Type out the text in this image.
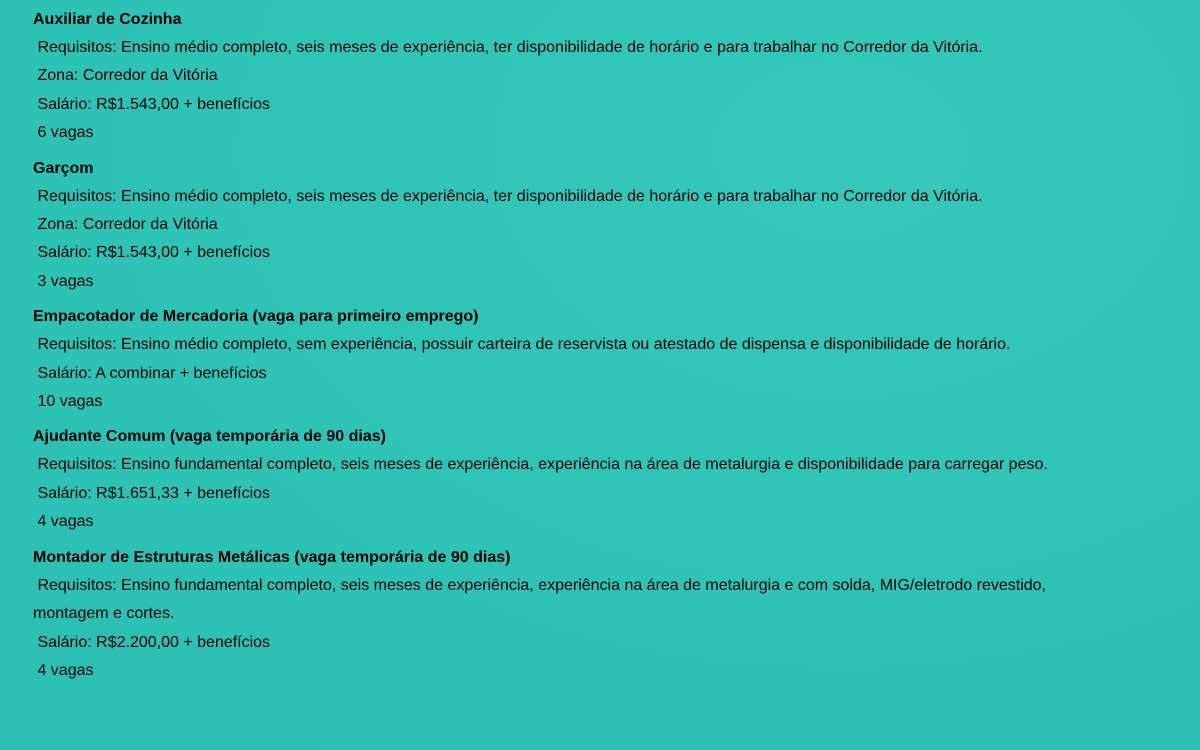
Auxiliar de Cozinha
Requisitos: Ensino médio completo, seis meses de experiência, ter disponibilidade de horário e para trabalhar no Corredor da Vitória.
Zona: Corredor da Vitória
Salário: R$1.543,00 + benefícios
6 vagas
Garçom
Requisitos: Ensino médio completo, seis meses de experiência, ter disponibilidade de horário e para trabalhar no Corredor da Vitória.
Zona: Corredor da Vitória
Salário: R$1.543,00 + benefícios
3 vagas
Empacotador de Mercadoria (vaga para primeiro emprego)
Requisitos: Ensino médio completo, sem experiência, possuir carteira de reservista ou atestado de dispensa e disponibilidade de horário.
Salário: A combinar + benefícios
10 vagas
Ajudante Comum (vaga temporária de 90 dias)
Requisitos: Ensino fundamental completo, seis meses de experiência, experiência na área de metalurgia e disponibilidade para carregar peso.
Salário: R$1.651,33 + benefícios
4 vagas
Montador de Estruturas Metálicas (vaga temporária de 90 dias)
Requisitos: Ensino fundamental completo, seis meses de experiência, experiência na área de metalurgia e com solda, MIG/eletrodo revestido, montagem e cortes.
Salário: R$2.200,00 + benefícios
4 vagas
